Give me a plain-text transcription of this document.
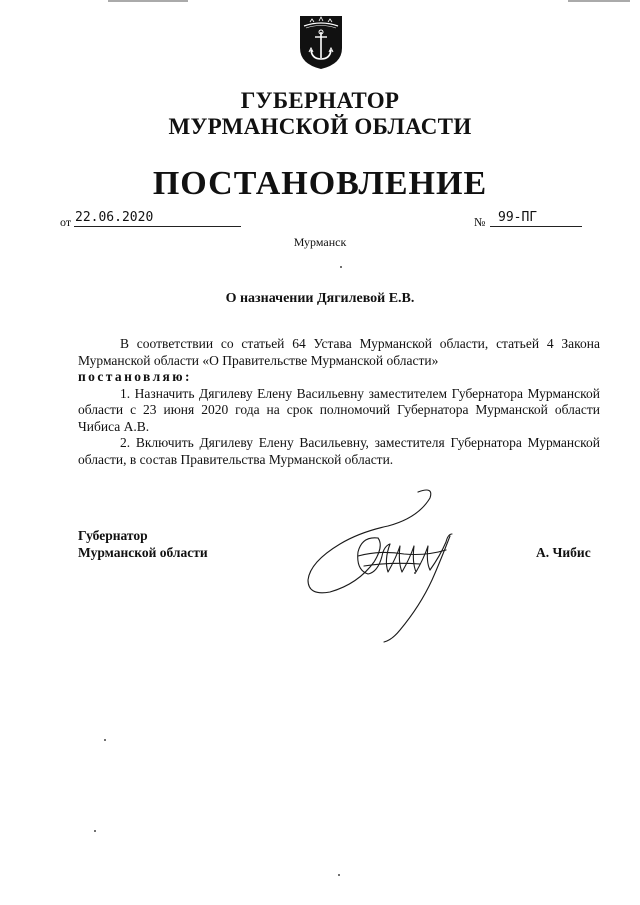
ГУБЕРНАТОР
МУРМАНСКОЙ ОБЛАСТИ
ПОСТАНОВЛЕНИЕ
от 22.06.2020	№ 99-ПГ
Мурманск
О назначении Дягилевой Е.В.

В соответствии со статьей 64 Устава Мурманской области, статьей 4 Закона Мурманской области «О Правительстве Мурманской области»

постановляю:

1. Назначить Дягилеву Елену Васильевну заместителем Губернатора Мурманской области с 23 июня 2020 года на срок полномочий Губернатора Мурманской области Чибиса А.В.

2. Включить Дягилеву Елену Васильевну, заместителя Губернатора Мурманской области, в состав Правительства Мурманской области.

Губернатор
Мурманской области	А. Чибис
